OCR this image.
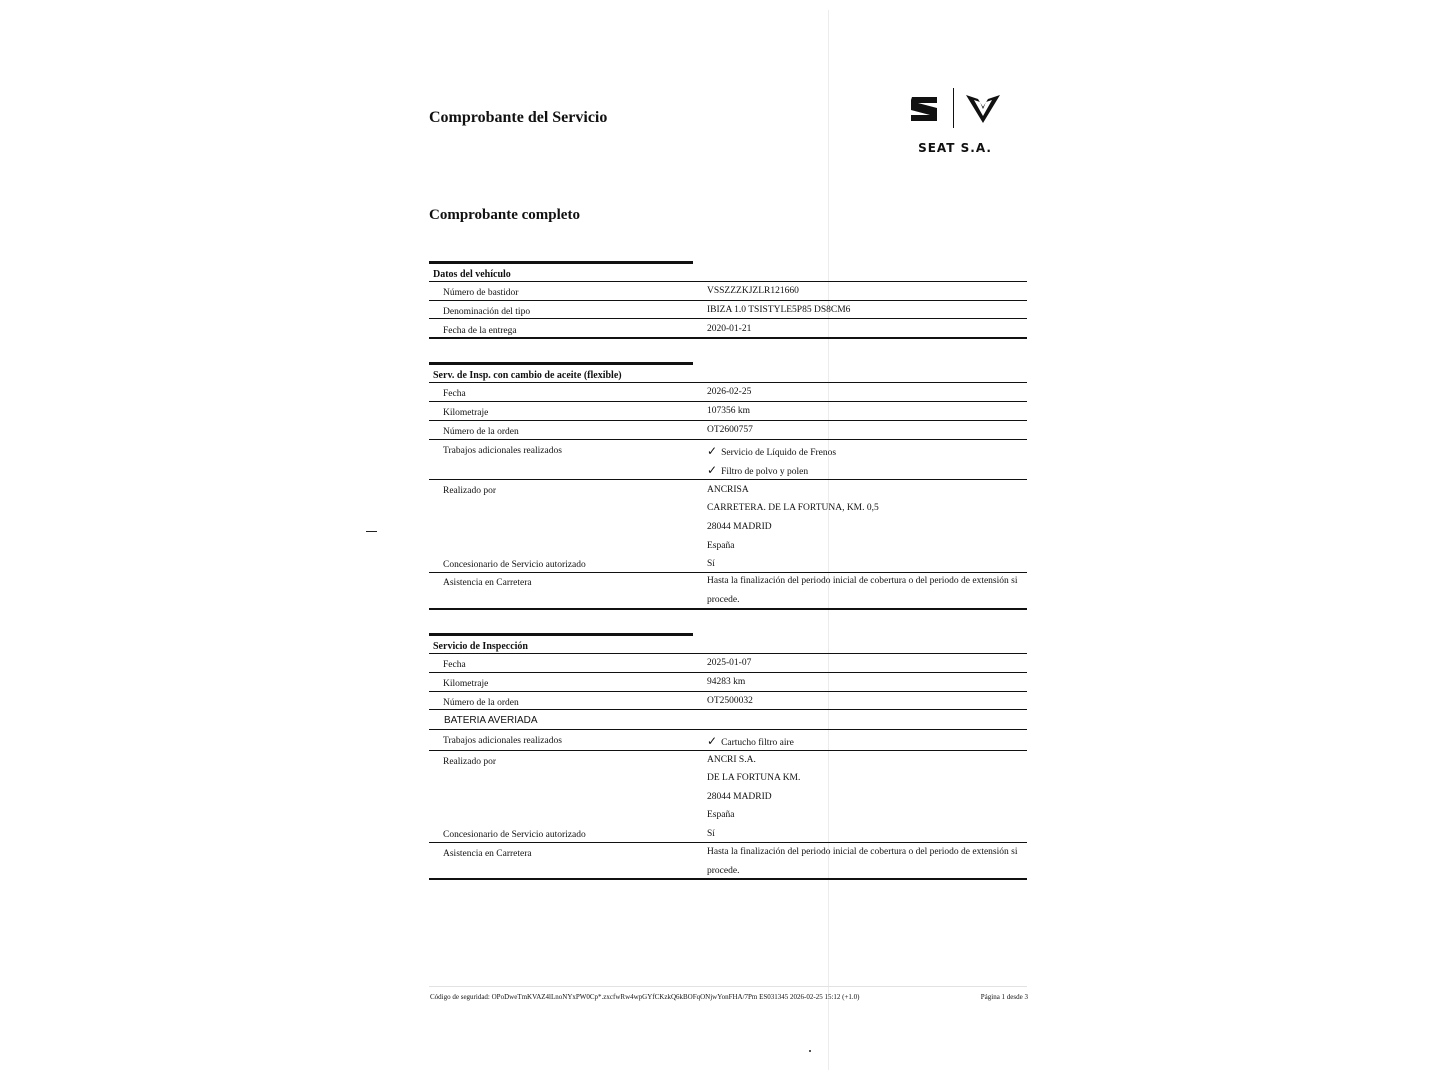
Comprobante del Servicio
SEAT S.A.
Comprobante completo
Datos del vehículo
Número de bastidor	VSSZZZKJZLR121660
Denominación del tipo	IBIZA 1.0 TSISTYLE5P85 DS8CM6
Fecha de la entrega	2020-01-21
Serv. de Insp. con cambio de aceite (flexible)
Fecha	2026-02-25
Kilometraje	107356 km
Número de la orden	OT2600757
Trabajos adicionales realizados	✓ Servicio de Líquido de Frenos
✓ Filtro de polvo y polen
Realizado por	ANCRISA
CARRETERA. DE LA FORTUNA, KM. 0,5
28044 MADRID
España
Concesionario de Servicio autorizado	Sí
Asistencia en Carretera	Hasta la finalización del periodo inicial de cobertura o del periodo de extensión si procede.
Servicio de Inspección
Fecha	2025-01-07
Kilometraje	94283 km
Número de la orden	OT2500032
BATERIA AVERIADA
Trabajos adicionales realizados	✓ Cartucho filtro aire
Realizado por	ANCRI S.A.
DE LA FORTUNA KM.
28044 MADRID
España
Concesionario de Servicio autorizado	Sí
Asistencia en Carretera	Hasta la finalización del periodo inicial de cobertura o del periodo de extensión si procede.
Código de seguridad: OPoDweTmKVAZ4lLnoNYxPW0Cp*.zxcfwRw4wpGYfCKzkQ6kBOFqONjwYonFHA/7Pm ES031345 2026-02-25 15:12 (+1.0)	Página 1 desde 3
